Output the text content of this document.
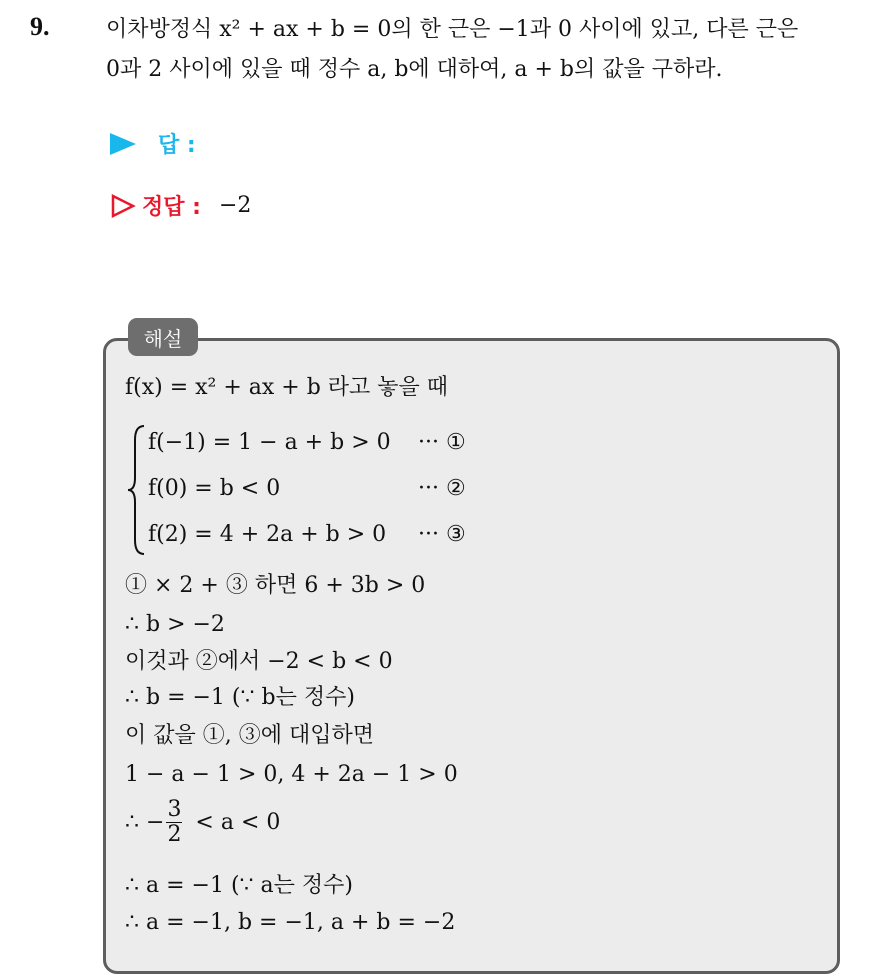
9.	이차방정식 x² + ax + b = 0의 한 근은 −1과 0 사이에 있고, 다른 근은
0과 2 사이에 있을 때 정수 a, b에 대하여, a + b의 값을 구하라.
답 :
정답 : −2
해설
f(x) = x² + ax + b 라고 놓을 때
f(−1) = 1 − a + b > 0 ··· ①
f(0) = b < 0	··· ②
f(2) = 4 + 2a + b > 0 ··· ③
① × 2 + ③ 하면 6 + 3b > 0
∴ b > −2
이것과 ②에서 −2 < b < 0
∴ b = −1 (∵ b는 정수)
이 값을 ①, ③에 대입하면
1 − a − 1 > 0, 4 + 2a − 1 > 0
∴ − $\frac{3}{2} < a < 0$
∴ a = −1 (∵ a는 정수)
∴ a = −1, b = −1, a + b = −2
